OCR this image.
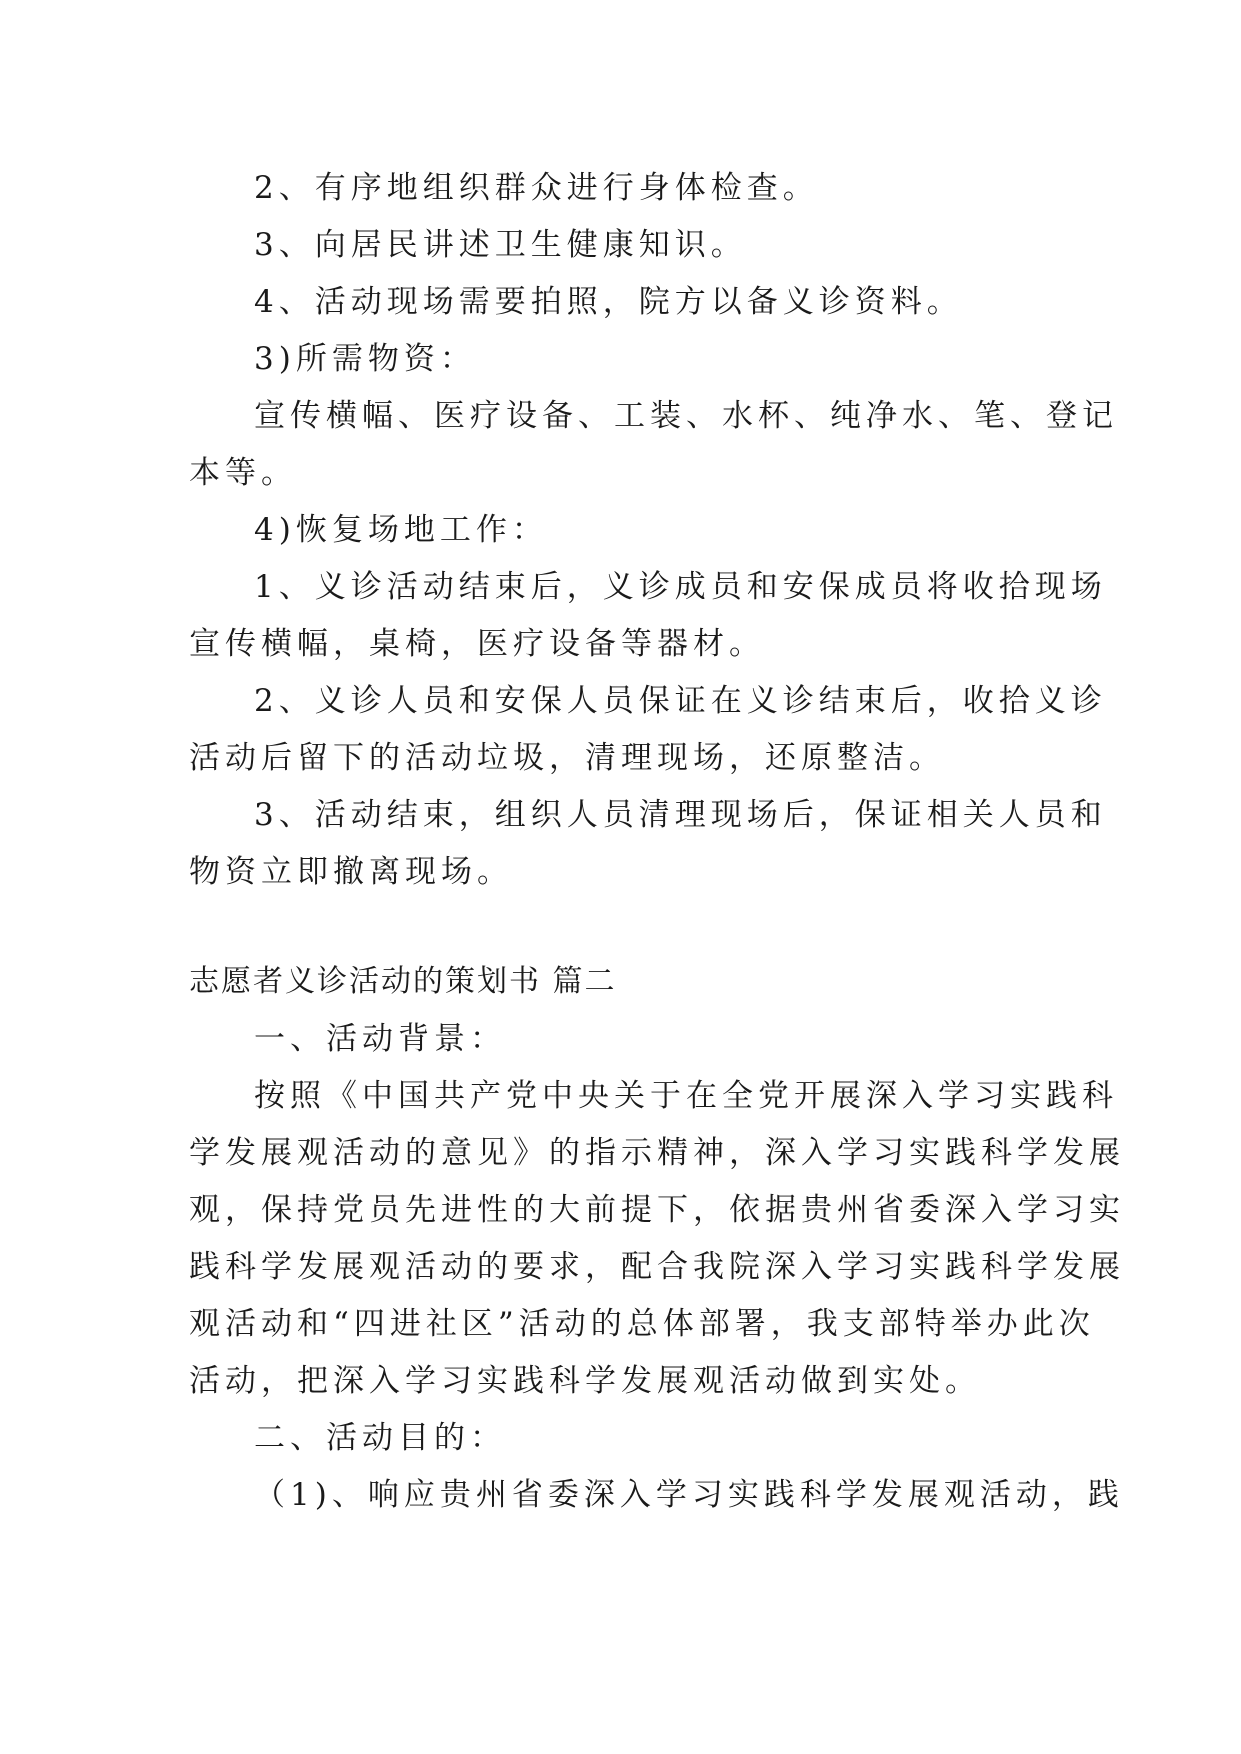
2、有序地组织群众进行身体检查。
3、向居民讲述卫生健康知识。
4、活动现场需要拍照，院方以备义诊资料。
3)所需物资：
宣传横幅、医疗设备、工装、水杯、纯净水、笔、登记
本等。
4)恢复场地工作：
1、义诊活动结束后，义诊成员和安保成员将收拾现场
宣传横幅，桌椅，医疗设备等器材。
2、义诊人员和安保人员保证在义诊结束后，收拾义诊
活动后留下的活动垃圾，清理现场，还原整洁。
3、活动结束，组织人员清理现场后，保证相关人员和
物资立即撤离现场。
志愿者义诊活动的策划书 篇二
一、活动背景：
按照《中国共产党中央关于在全党开展深入学习实践科
学发展观活动的意见》的指示精神，深入学习实践科学发展
观，保持党员先进性的大前提下，依据贵州省委深入学习实
践科学发展观活动的要求，配合我院深入学习实践科学发展
观活动和“四进社区”活动的总体部署，我支部特举办此次
活动，把深入学习实践科学发展观活动做到实处。
二、活动目的：
（1)、响应贵州省委深入学习实践科学发展观活动，践
